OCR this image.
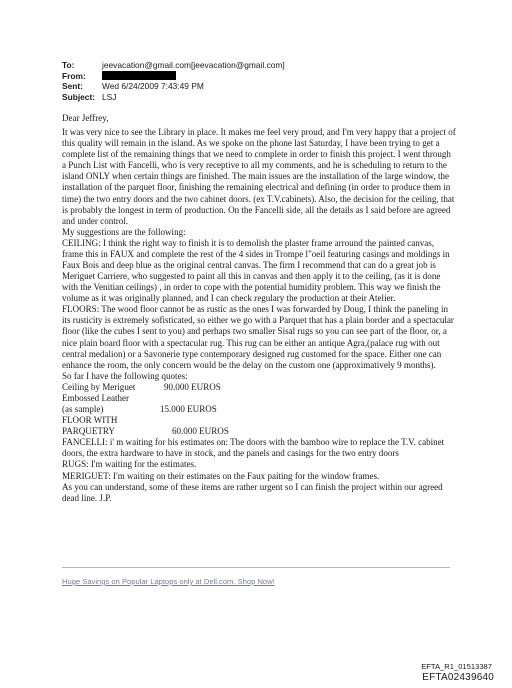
To:	jeevacation@gmail.com[jeevacation@gmail.com]
From:
Sent:	Wed 6/24/2009 7:43:49 PM
Subject: LSJ

Dear Jeffrey,

It was very nice to see the Library in place. It makes me feel very proud, and I'm very happy that a project of this quality will remain in the island. As we spoke on the phone last Saturday, I have been trying to get a complete list of the remaining things that we need to complete in order to finish this project. I went through a Punch List with Fancelli, who is very receptive to all my comments, and he is scheduling to return to the island ONLY when certain things are finished. The main issues are the installation of the large window, the installation of the parquet floor, finishing the remaining electrical and defining (in order to produce them in time) the two entry doors and the two cabinet doors. (ex T.V.cabinets). Also, the decision for the ceiling, that is probably the longest in term of production. On the Fancelli side, all the details as I said before are agreed and under control.

My suggestions are the following:

CEILING: I think the right way to finish it is to demolish the plaster frame arround the painted canvas, frame this in FAUX and complete the rest of the 4 sides in Trompe l"oeil featuring casings and moldings in Faux Bois and deep blue as the original central canvas. The firm I recommend that can do a great job is Meriguet Carriere, who suggested to paint all this in canvas and then apply it to the ceiling, (as it is done with the Venitian ceilings) , in order to cope with the potential humidity problem. This way we finish the volume as it was originally planned, and I can check regulary the production at their Atelier.

FLOORS: The wood floor cannot be as rustic as the ones I was forwarded by Doug, I think the paneling in its rusticity is extremely sofisticated, so either we go with a Parquet that has a plain border and a spectacular floor (like the cubes I sent to you) and perhaps two smaller Sisal rugs so you can see part of the floor, or, a nice plain board floor with a spectacular rug. This rug can be either an antique Agra,(palace rug with out central medalion) or a Savonerie type contemporary designed rug customed for the space. Either one can enhance the room, the only concern would be the delay on the custom one (approximatively 9 months).

So far I have the following quotes:

Ceiling by Meriguet	90.000 EUROS

Embossed Leather

(as sample)	15.000 EUROS

FLOOR WITH

PARQUETRY	60.000 EUROS

FANCELLI: i' m waiting for his estimates on: The doors with the bamboo wire to replace the T.V. cabinet doors, the extra hardware to have in stock, and the panels and casings for the two entry doors

RUGS: I'm waiting for the estimates.

MERIGUET: I'm waiting on their estimates on the Faux paiting for the window frames.

As you can understand, some of these items are rather urgent so I can finish the project within our agreed dead line. J.P.

Huge Savings on Popular Laptops only at Dell.com. Shop Now!
EFTA_R1_01513387
EFTA02439640
